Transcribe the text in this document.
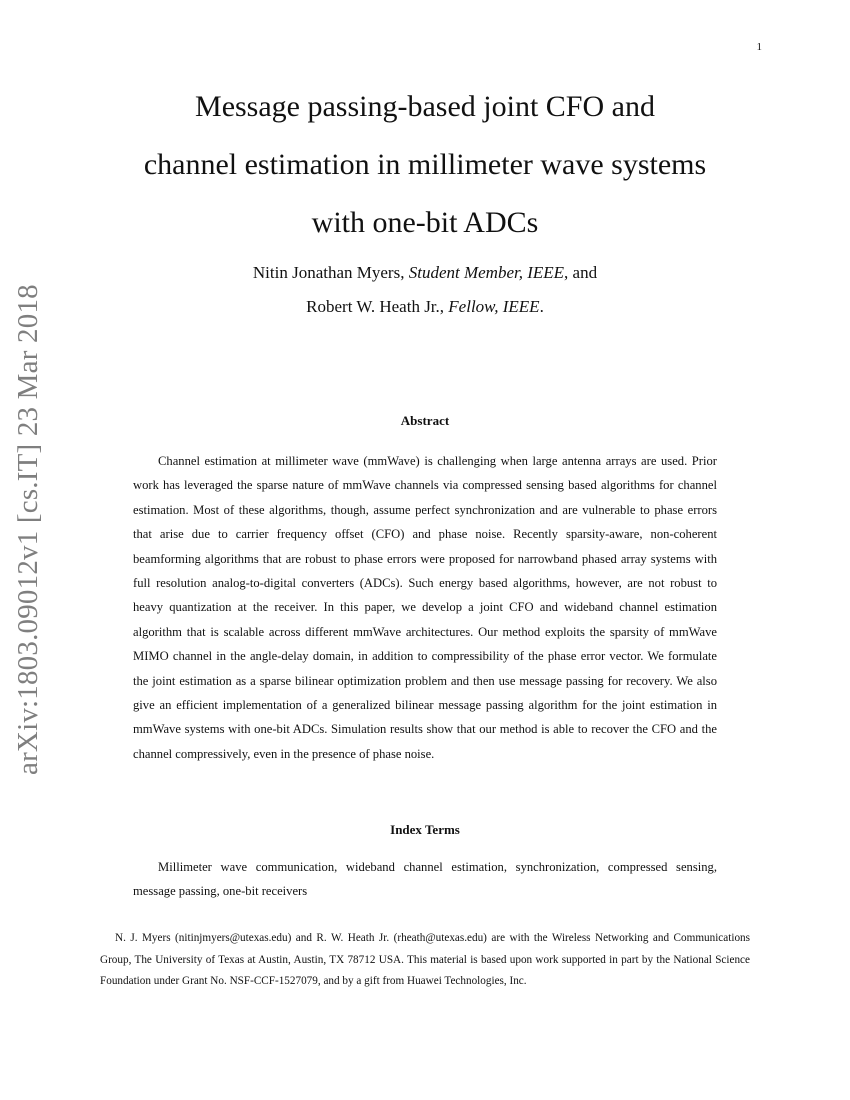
1
arXiv:1803.09012v1 [cs.IT] 23 Mar 2018
Message passing-based joint CFO and
channel estimation in millimeter wave systems
with one-bit ADCs
Nitin Jonathan Myers, Student Member, IEEE, and
Robert W. Heath Jr., Fellow, IEEE.
Abstract

Channel estimation at millimeter wave (mmWave) is challenging when large antenna arrays are used. Prior work has leveraged the sparse nature of mmWave channels via compressed sensing based algorithms for channel estimation. Most of these algorithms, though, assume perfect synchronization and are vulnerable to phase errors that arise due to carrier frequency offset (CFO) and phase noise. Recently sparsity-aware, non-coherent beamforming algorithms that are robust to phase errors were proposed for narrowband phased array systems with full resolution analog-to-digital converters (ADCs). Such energy based algorithms, however, are not robust to heavy quantization at the receiver. In this paper, we develop a joint CFO and wideband channel estimation algorithm that is scalable across different mmWave architectures. Our method exploits the sparsity of mmWave MIMO channel in the angle-delay domain, in addition to compressibility of the phase error vector. We formulate the joint estimation as a sparse bilinear optimization problem and then use message passing for recovery. We also give an efficient implementation of a generalized bilinear message passing algorithm for the joint estimation in mmWave systems with one-bit ADCs. Simulation results show that our method is able to recover the CFO and the channel compressively, even in the presence of phase noise.

Index Terms

Millimeter wave communication, wideband channel estimation, synchronization, compressed sensing, message passing, one-bit receivers

N. J. Myers (nitinjmyers@utexas.edu) and R. W. Heath Jr. (rheath@utexas.edu) are with the Wireless Networking and Communications Group, The University of Texas at Austin, Austin, TX 78712 USA. This material is based upon work supported in part by the National Science Foundation under Grant No. NSF-CCF-1527079, and by a gift from Huawei Technologies, Inc.
